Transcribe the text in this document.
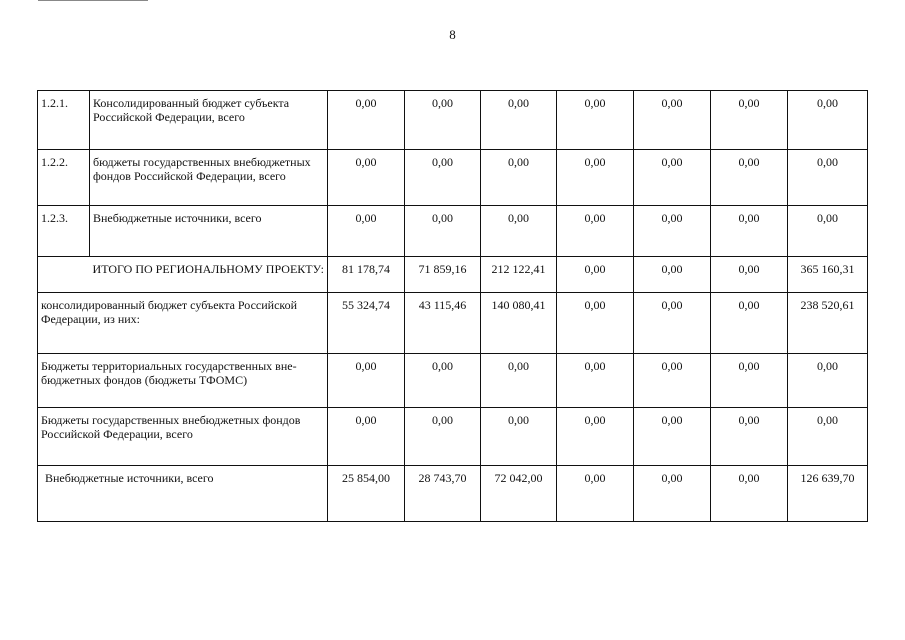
8
1.2.1.	Консолидированный бюджет субъекта Российской Федерации, всего	0,00	0,00	0,00	0,00	0,00	0,00	0,00
1.2.2.	бюджеты государственных внебюджетных фондов Российской Федерации, всего	0,00	0,00	0,00	0,00	0,00	0,00	0,00
1.2.3.	Внебюджетные источники, всего	0,00	0,00	0,00	0,00	0,00	0,00	0,00
ИТОГО ПО РЕГИОНАЛЬНОМУ ПРОЕКТУ:		81 178,74	71 859,16	212 122,41	0,00	0,00	0,00	365 160,31
консолидированный бюджет субъекта Российской Федерации, из них:		55 324,74	43 115,46	140 080,41	0,00	0,00	0,00	238 520,61
Бюджеты территориальных государственных вне-бюджетных фондов (бюджеты ТФОМС)		0,00	0,00	0,00	0,00	0,00	0,00	0,00
Бюджеты государственных внебюджетных фондов Российской Федерации, всего		0,00	0,00	0,00	0,00	0,00	0,00	0,00
Внебюджетные источники, всего		25 854,00	28 743,70	72 042,00	0,00	0,00	0,00	126 639,70
